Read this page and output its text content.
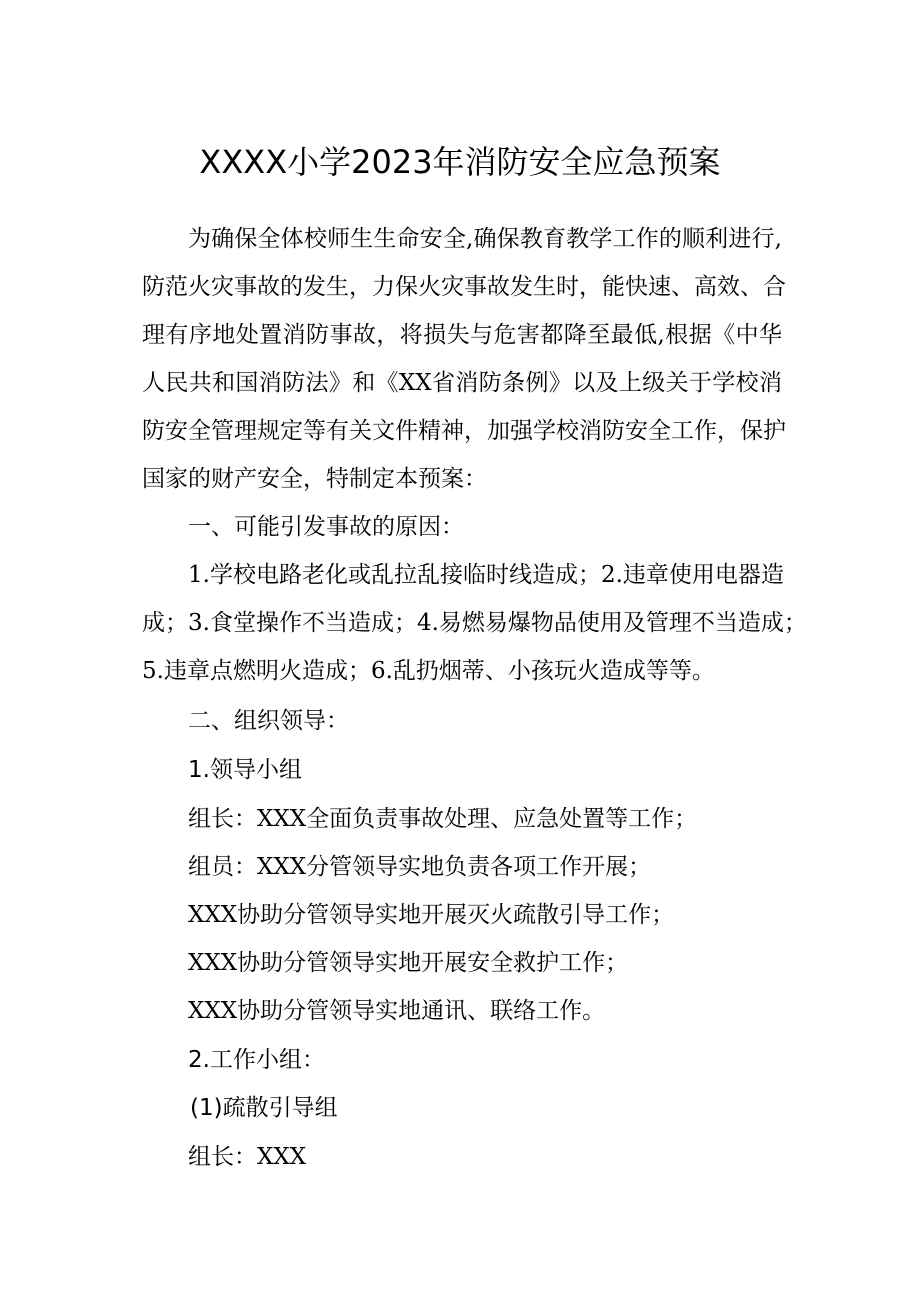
XXXX小学2023年消防安全应急预案
为确保全体校师生生命安全,确保教育教学工作的顺利进行,
防范火灾事故的发生，力保火灾事故发生时，能快速、高效、合
理有序地处置消防事故，将损失与危害都降至最低,根据《中华
人民共和国消防法》和《XX省消防条例》以及上级关于学校消
防安全管理规定等有关文件精神，加强学校消防安全工作，保护
国家的财产安全，特制定本预案：
一、可能引发事故的原因：
1.学校电路老化或乱拉乱接临时线造成；2.违章使用电器造
成；3.食堂操作不当造成；4.易燃易爆物品使用及管理不当造成；
5.违章点燃明火造成；6.乱扔烟蒂、小孩玩火造成等等。
二、组织领导：
1.领导小组
组长：XXX全面负责事故处理、应急处置等工作；
组员：XXX分管领导实地负责各项工作开展；
XXX协助分管领导实地开展灭火疏散引导工作；
XXX协助分管领导实地开展安全救护工作；
XXX协助分管领导实地通讯、联络工作。
2.工作小组：
(1)疏散引导组
组长：XXX
